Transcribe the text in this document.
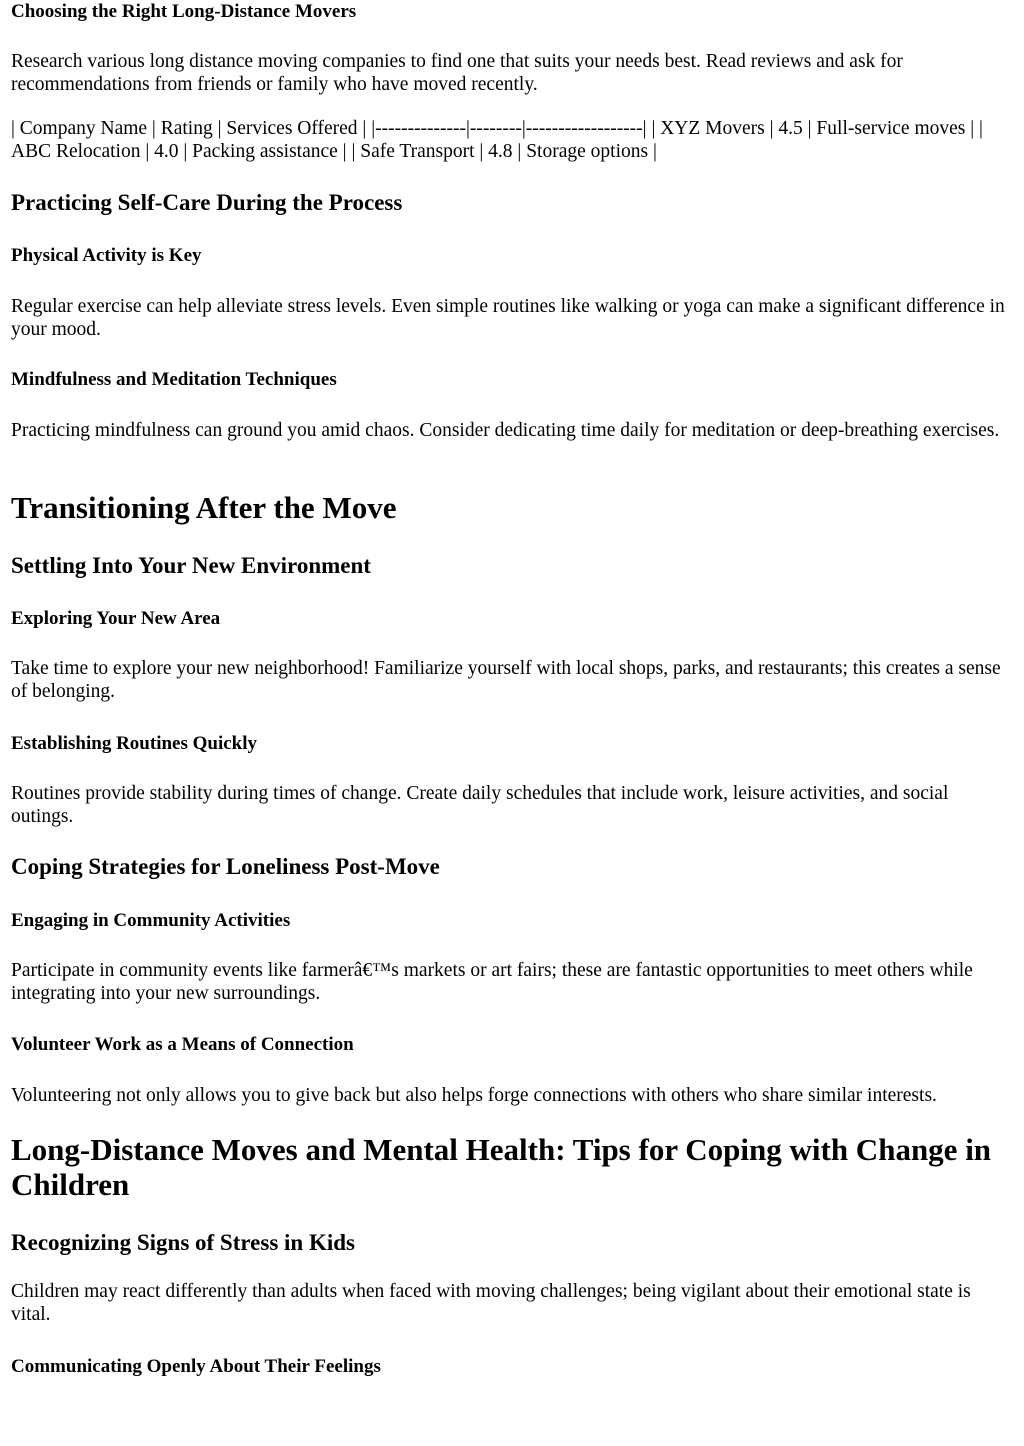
Choosing the Right Long-Distance Movers

Research various long distance moving companies to find one that suits your needs best. Read reviews and ask for recommendations from friends or family who have moved recently.

| Company Name | Rating | Services Offered | |--------------|--------|------------------| | XYZ Movers | 4.5 | Full-service moves | | ABC Relocation | 4.0 | Packing assistance | | Safe Transport | 4.8 | Storage options |

Practicing Self-Care During the Process
Physical Activity is Key

Regular exercise can help alleviate stress levels. Even simple routines like walking or yoga can make a significant difference in your mood.

Mindfulness and Meditation Techniques

Practicing mindfulness can ground you amid chaos. Consider dedicating time daily for meditation or deep-breathing exercises.

Transitioning After the Move
Settling Into Your New Environment
Exploring Your New Area

Take time to explore your new neighborhood! Familiarize yourself with local shops, parks, and restaurants; this creates a sense of belonging.

Establishing Routines Quickly

Routines provide stability during times of change. Create daily schedules that include work, leisure activities, and social outings.

Coping Strategies for Loneliness Post-Move
Engaging in Community Activities

Participate in community events like farmerâ€™s markets or art fairs; these are fantastic opportunities to meet others while integrating into your new surroundings.

Volunteer Work as a Means of Connection

Volunteering not only allows you to give back but also helps forge connections with others who share similar interests.

Long-Distance Moves and Mental Health: Tips for Coping with Change in Children
Recognizing Signs of Stress in Kids

Children may react differently than adults when faced with moving challenges; being vigilant about their emotional state is vital.

Communicating Openly About Their Feelings
